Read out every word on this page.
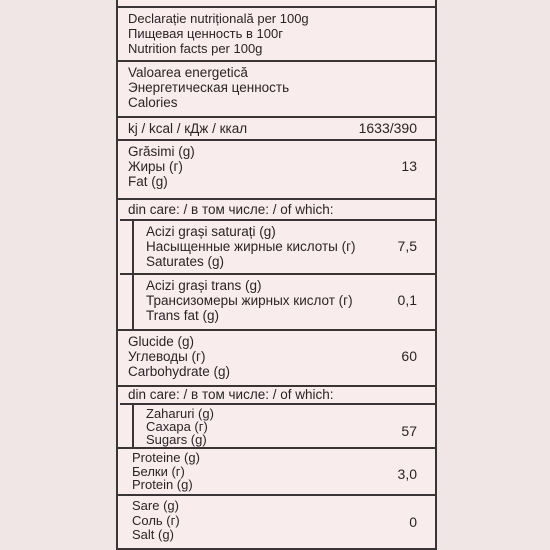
Declarație nutrițională per 100g
Пищевая ценность в 100г
Nutrition facts per 100g
Valoarea energetică
Энергетическая ценность
Calories
kj / kcal / кДж / ккал	1633/390
Grăsimi (g)
Жиры (г)
Fat (g)
13
din care: / в том числе: / of which:
Acizi grași saturați (g)
Насыщенные жирные кислоты (г)
Saturates (g)
7,5
Acizi grași trans (g)
Трансизомеры жирных кислот (г)
Trans fat (g)
0,1
Glucide (g)
Углеводы (г)
Carbohydrate (g)
60
din care: / в том числе: / of which:
Zaharuri (g)
Сахара (г)
Sugars (g)
57
Proteine (g)
Белки (г)
Protein (g)
3,0
Sare (g)
Соль (г)
Salt (g)
0
